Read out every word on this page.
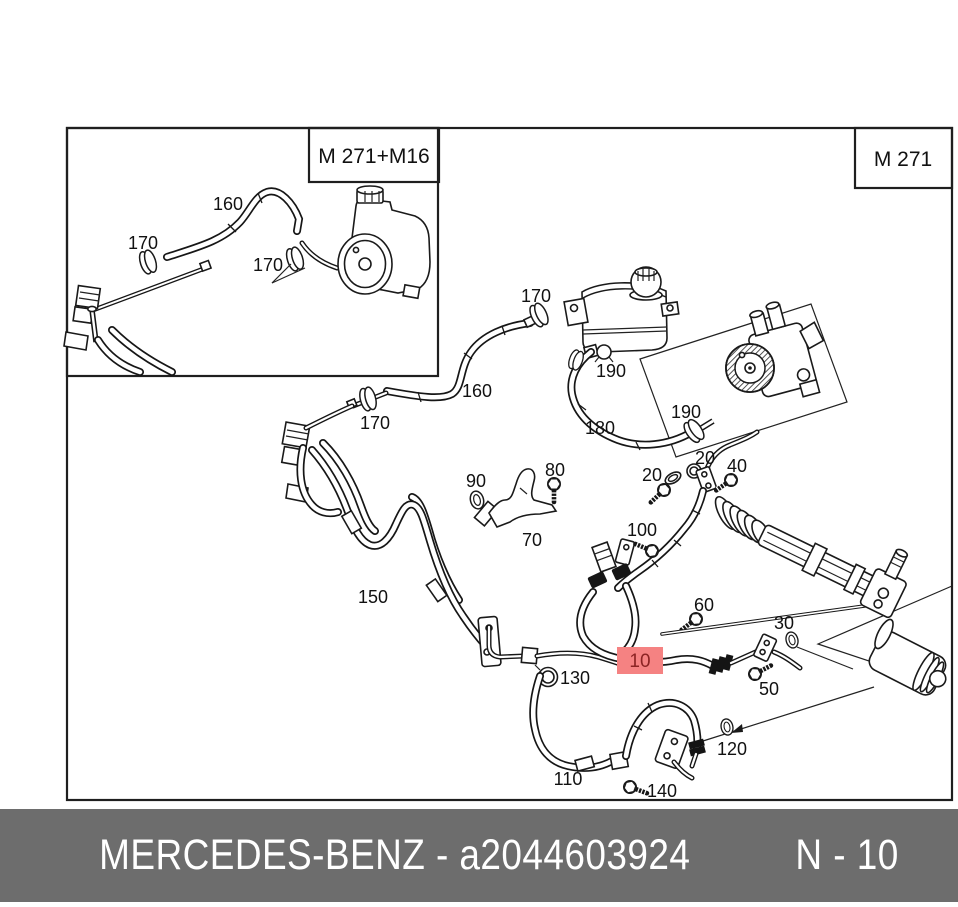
M 271+M16	M 271
160
170
170
170
190
160
190
170	180
20 40
80	20
90
100
70
150	60
30
130
50
120
110
140
10
MERCEDES-BENZ - a2044603924 N - 10
